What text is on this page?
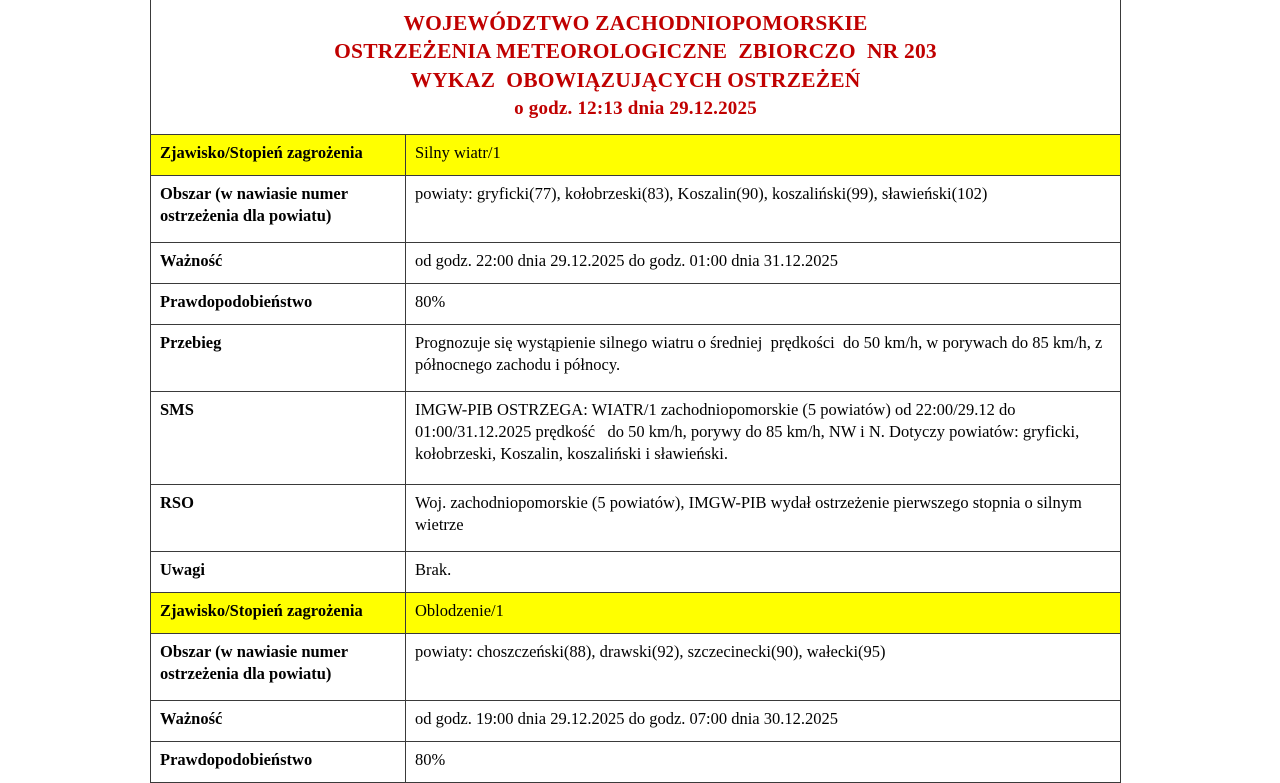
WOJEWÓDZTWO ZACHODNIOPOMORSKIE
OSTRZEŻENIA METEOROLOGICZNE  ZBIORCZO  NR 203
WYKAZ  OBOWIĄZUJĄCYCH OSTRZEŻEŃ
o godz. 12:13 dnia 29.12.2025	

Zjawisko/Stopień zagrożenia	Silny wiatr/1
Obszar (w nawiasie numer ostrzeżenia dla powiatu)	powiaty: gryficki(77), kołobrzeski(83), Koszalin(90), koszaliński(99), sławieński(102)
Ważność	od godz. 22:00 dnia 29.12.2025 do godz. 01:00 dnia 31.12.2025
Prawdopodobieństwo	80%
Przebieg	Prognozuje się wystąpienie silnego wiatru o średniej  prędkości  do 50 km/h, w porywach do 85 km/h, z północnego zachodu i północy.
SMS	IMGW-PIB OSTRZEGA: WIATR/1 zachodniopomorskie (5 powiatów) od 22:00/29.12 do 01:00/31.12.2025 prędkość   do 50 km/h, porywy do 85 km/h, NW i N. Dotyczy powiatów: gryficki, kołobrzeski, Koszalin, koszaliński i sławieński.
RSO	Woj. zachodniopomorskie (5 powiatów), IMGW-PIB wydał ostrzeżenie pierwszego stopnia o silnym wietrze
Uwagi	Brak.
Zjawisko/Stopień zagrożenia	Oblodzenie/1
Obszar (w nawiasie numer ostrzeżenia dla powiatu)	powiaty: choszczeński(88), drawski(92), szczecinecki(90), wałecki(95)
Ważność	od godz. 19:00 dnia 29.12.2025 do godz. 07:00 dnia 30.12.2025
Prawdopodobieństwo	80%
